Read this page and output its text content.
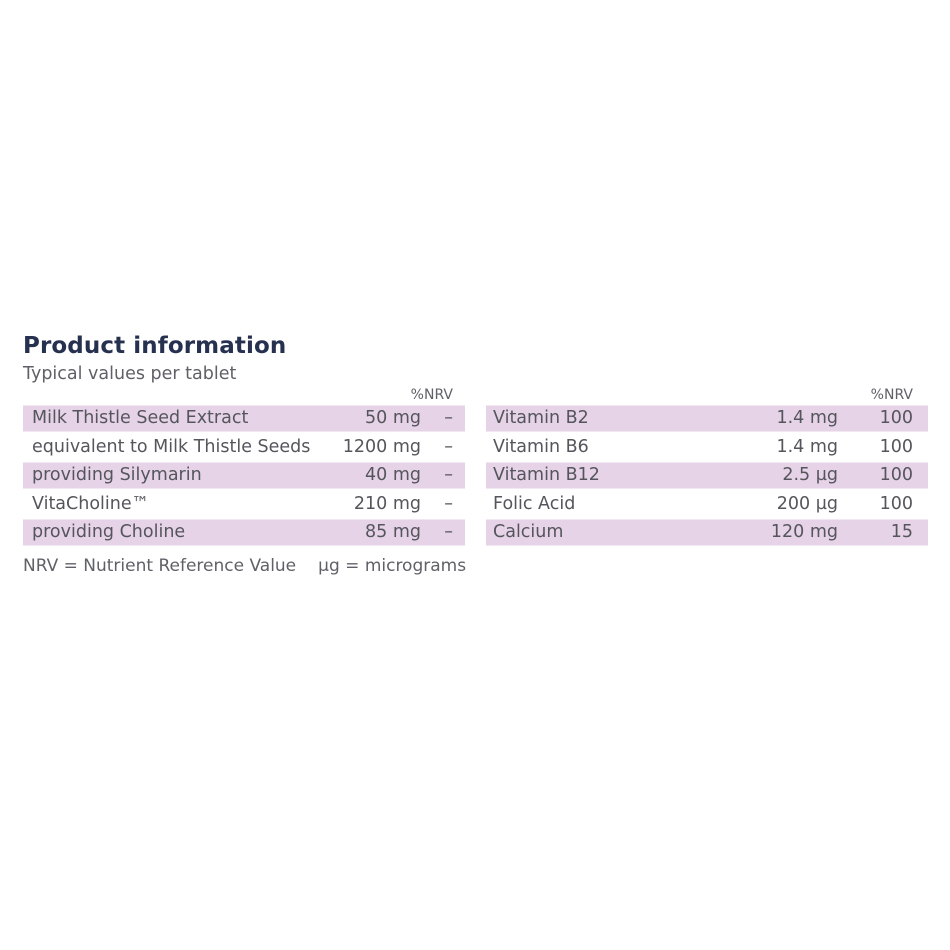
Product information
Typical values per tablet
%NRV
Milk Thistle Seed Extract	50 mg –
equivalent to Milk Thistle Seeds 1200 mg –
providing Silymarin	40 mg –
VitaCholine™	210 mg –
providing Choline	85 mg –
%NRV
Vitamin B2	1.4 mg 100
Vitamin B6	1.4 mg 100
Vitamin B12	2.5 µg 100
Folic Acid	200 µg 100
Calcium	120 mg	15
NRV = Nutrient Reference Value µg = micrograms
